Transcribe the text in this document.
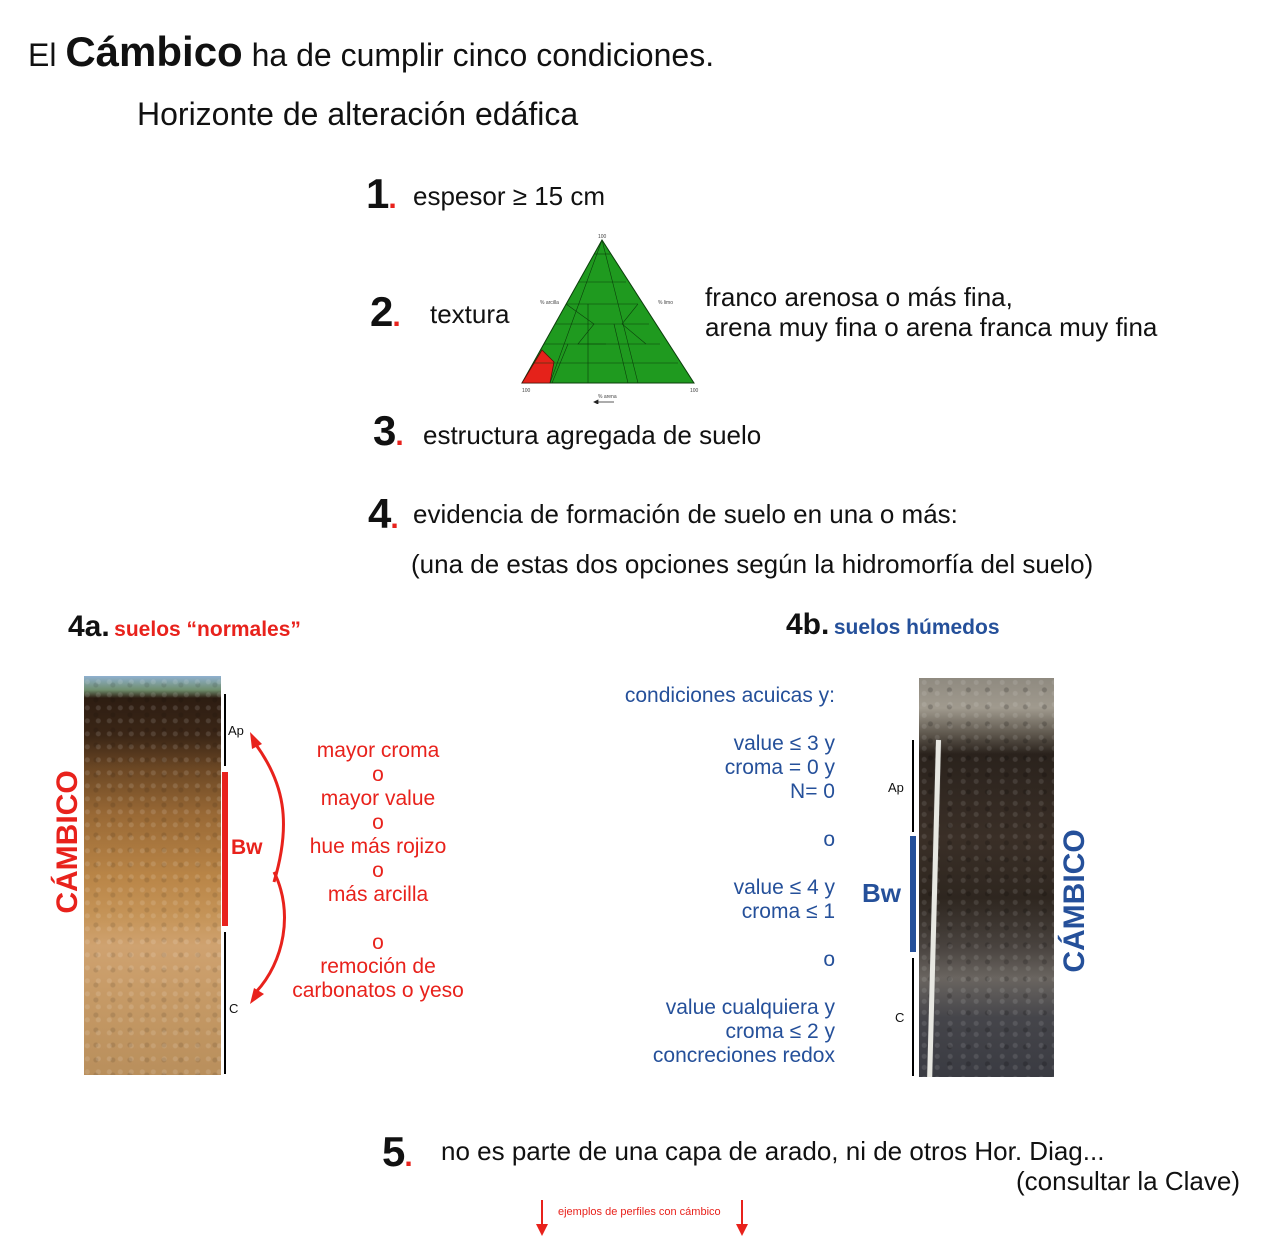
El Cámbico ha de cumplir cinco condiciones.
Horizonte de alteración edáfica
1. espesor ≥ 15 cm
2. textura
100
100	100
% arcilla	% limo
% arena
franco arenosa o más fina,
arena muy fina o arena franca muy fina
3. estructura agregada de suelo
4. evidencia de formación de suelo en una o más:
(una de estas dos opciones según la hidromorfía del suelo)
4a. suelos “normales”
CÁMBICO
Ap
Bw
C
mayor croma
o
mayor value
o
hue más rojizo
o
más arcilla
o
remoción de
carbonatos o yeso
4b. suelos húmedos
condiciones acuicas y:
value ≤ 3 y
croma = 0 y
N= 0
o
value ≤ 4 y
croma ≤ 1
o
value cualquiera y
croma ≤ 2 y
concreciones redox
Ap
Bw
C
CÁMBICO
5. no es parte de una capa de arado, ni de otros Hor. Diag...
(consultar la Clave)
ejemplos de perfiles con cámbico
